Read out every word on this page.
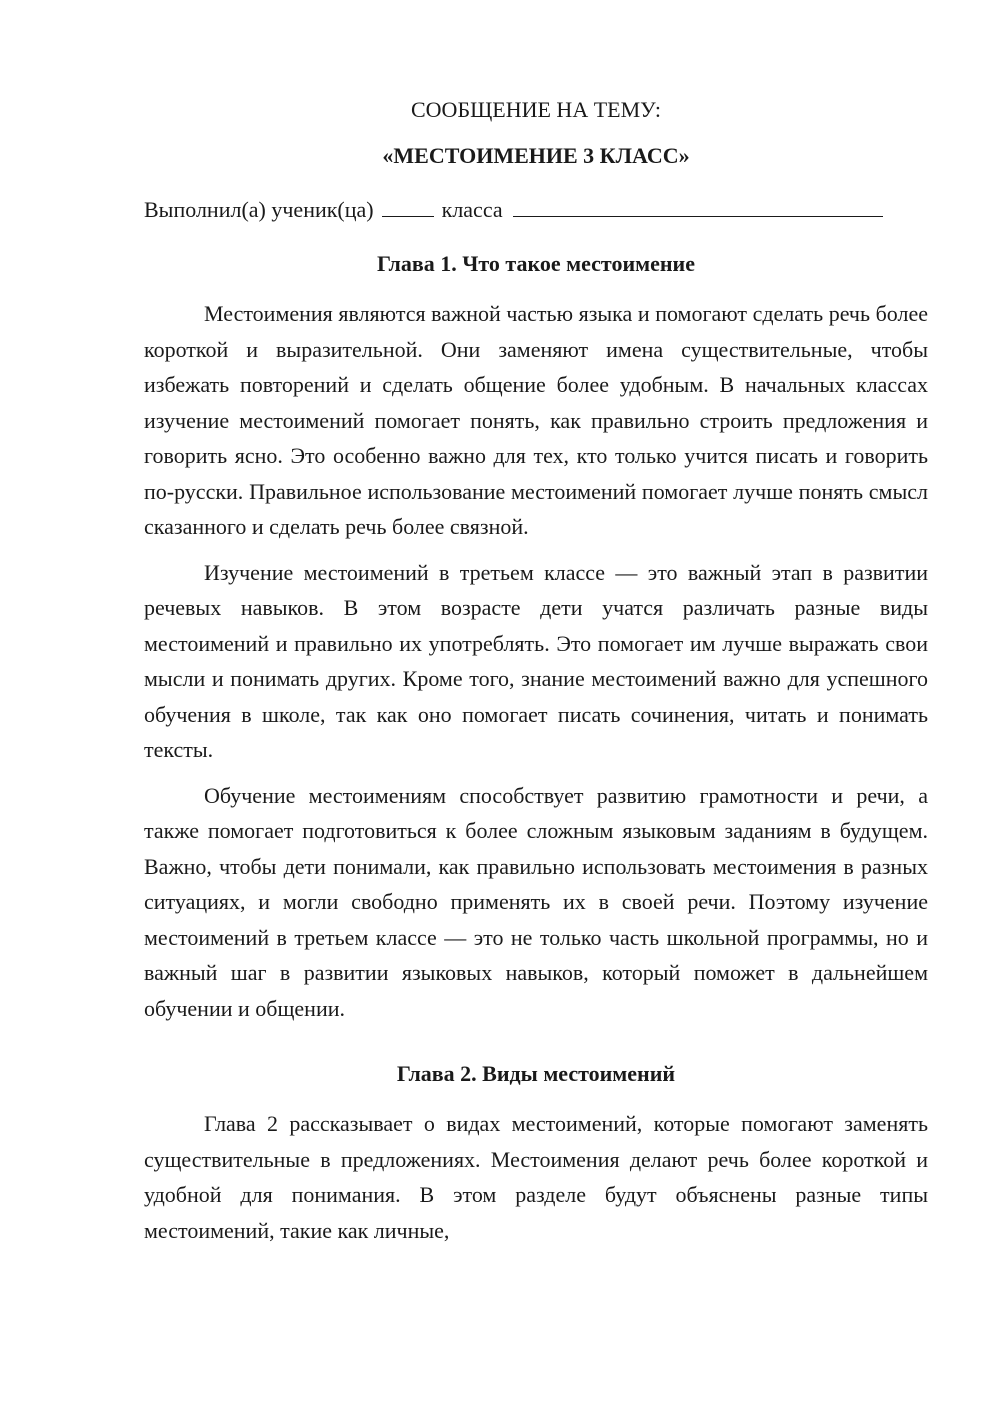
СООБЩЕНИЕ НА ТЕМУ:

«МЕСТОИМЕНИЕ 3 КЛАСС»

Выполнил(а) ученик(ца)	класса

Глава 1. Что такое местоимение

Местоимения являются важной частью языка и помогают сделать речь более короткой и выразительной. Они заменяют имена существительные, чтобы избежать повторений и сделать общение более удобным. В начальных классах изучение местоимений помогает понять, как правильно строить предложения и говорить ясно. Это особенно важно для тех, кто только учится писать и говорить по-русски. Правильное использование местоимений помогает лучше понять смысл сказанного и сделать речь более связной.

Изучение местоимений в третьем классе — это важный этап в развитии речевых навыков. В этом возрасте дети учатся различать разные виды местоимений и правильно их употреблять. Это помогает им лучше выражать свои мысли и понимать других. Кроме того, знание местоимений важно для успешного обучения в школе, так как оно помогает писать сочинения, читать и понимать тексты.

Обучение местоимениям способствует развитию грамотности и речи, а также помогает подготовиться к более сложным языковым заданиям в будущем. Важно, чтобы дети понимали, как правильно использовать местоимения в разных ситуациях, и могли свободно применять их в своей речи. Поэтому изучение местоимений в третьем классе — это не только часть школьной программы, но и важный шаг в развитии языковых навыков, который поможет в дальнейшем обучении и общении.

Глава 2. Виды местоимений

Глава 2 рассказывает о видах местоимений, которые помогают заменять существительные в предложениях. Местоимения делают речь более короткой и удобной для понимания. В этом разделе будут объяснены разные типы местоимений, такие как личные,
